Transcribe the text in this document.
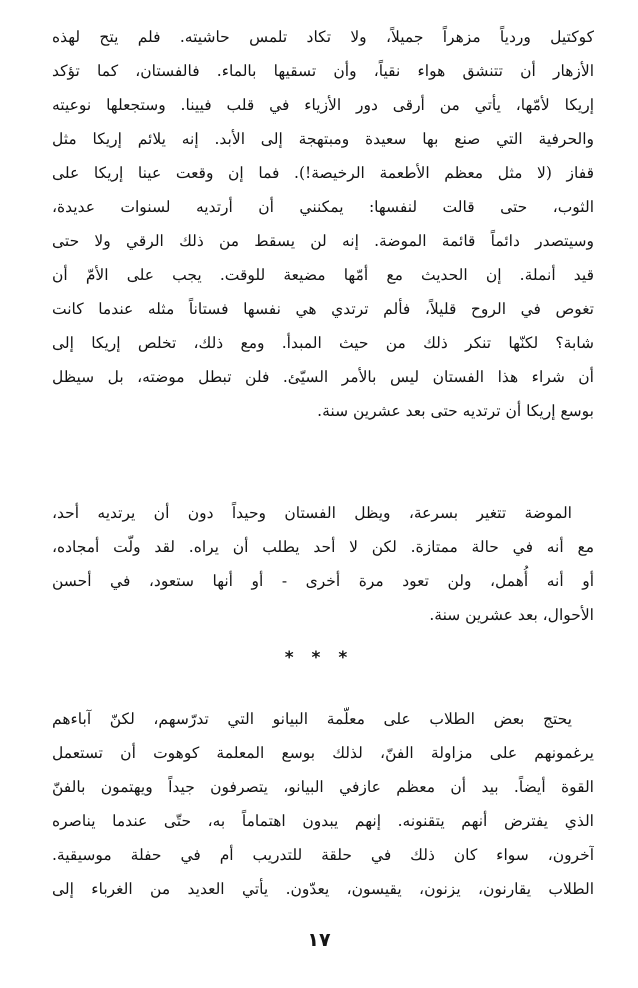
كوكتيل وردياً مزهراً جميلاً، ولا تكاد تلمس حاشيته. فلم يتح لهذه
الأزهار أن تتنشق هواء نقياً، وأن تسقيها بالماء. فالفستان، كما تؤكد
إريكا لأمّها، يأتي من أرقى دور الأزياء في قلب فيينا. وستجعلها نوعيته
والحرفية التي صنع بها سعيدة ومبتهجة إلى الأبد. إنه يلائم إريكا مثل
قفاز (لا مثل معظم الأطعمة الرخيصة!). فما إن وقعت عينا إريكا على
الثوب، حتى قالت لنفسها: يمكنني أن أرتديه لسنوات عديدة،
وسيتصدر دائماً قائمة الموضة. إنه لن يسقط من ذلك الرقي ولا حتى
قيد أنملة. إن الحديث مع أمّها مضيعة للوقت. يجب على الأمّ أن
تغوص في الروح قليلاً، فألم ترتدي هي نفسها فستاناً مثله عندما كانت
شابة؟ لكنّها تنكر ذلك من حيث المبدأ. ومع ذلك، تخلص إريكا إلى
أن شراء هذا الفستان ليس بالأمر السيّئ. فلن تبطل موضته، بل سيظل
بوسع إريكا أن ترتديه حتى بعد عشرين سنة.
الموضة تتغير بسرعة، ويظل الفستان وحيداً دون أن يرتديه أحد،
مع أنه في حالة ممتازة. لكن لا أحد يطلب أن يراه. لقد ولّت أمجاده،
أو أنه أُهمل، ولن تعود مرة أخرى - أو أنها ستعود، في أحسن
الأحوال، بعد عشرين سنة.
* * *
يحتج بعض الطلاب على معلّمة البيانو التي تدرّسهم، لكنّ آباءهم
يرغمونهم على مزاولة الفنّ، لذلك بوسع المعلمة كوهوت أن تستعمل
القوة أيضاً. بيد أن معظم عازفي البيانو، يتصرفون جيداً ويهتمون بالفنّ
الذي يفترض أنهم يتقنونه. إنهم يبدون اهتماماً به، حتّى عندما يناصره
آخرون، سواء كان ذلك في حلقة للتدريب أم في حفلة موسيقية.
الطلاب يقارنون، يزنون، يقيسون، يعدّون. يأتي العديد من الغرباء إلى
١٧
